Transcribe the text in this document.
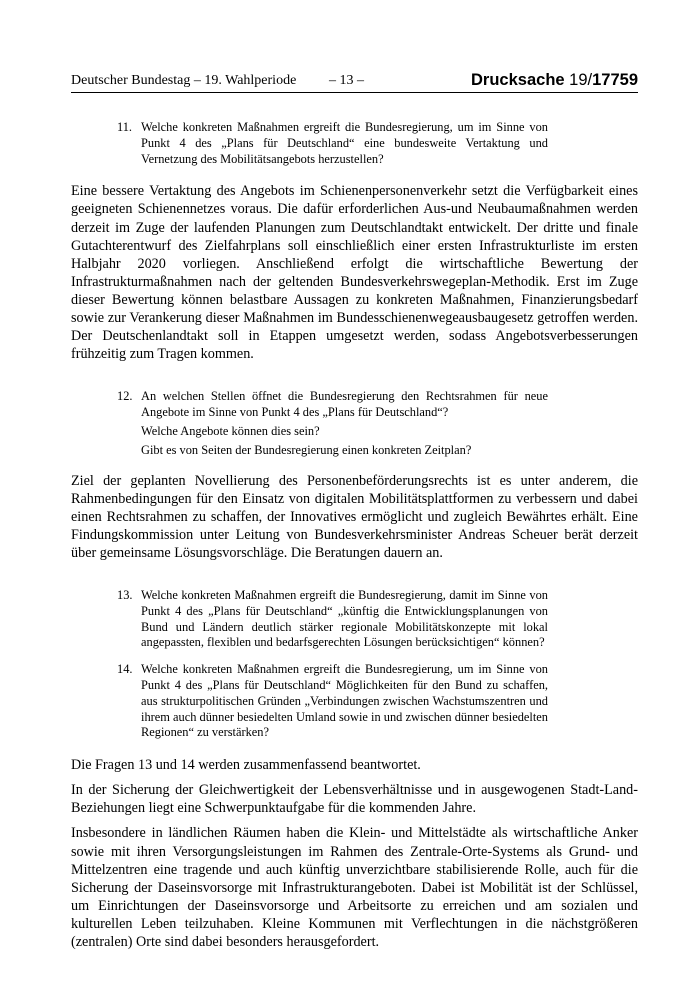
Deutscher Bundestag – 19. Wahlperiode – 13 –	Drucksache 19/17759
11. Welche konkreten Maßnahmen ergreift die Bundesregierung, um im Sinne von Punkt 4 des „Plans für Deutschland“ eine bundesweite Vertaktung und Vernetzung des Mobilitätsangebots herzustellen?

Eine bessere Vertaktung des Angebots im Schienenpersonenverkehr setzt die Verfügbarkeit eines geeigneten Schienennetzes voraus. Die dafür erforderlichen Aus-und Neubaumaßnahmen werden derzeit im Zuge der laufenden Planungen zum Deutschlandtakt entwickelt. Der dritte und finale Gutachterentwurf des Zielfahrplans soll einschließlich einer ersten Infrastrukturliste im ersten Halbjahr 2020 vorliegen. Anschließend erfolgt die wirtschaftliche Bewertung der Infrastrukturmaßnahmen nach der geltenden Bundesverkehrswegeplan-Methodik. Erst im Zuge dieser Bewertung können belastbare Aussagen zu konkreten Maßnahmen, Finanzierungsbedarf sowie zur Verankerung dieser Maßnahmen im Bundesschienenwegeausbaugesetz getroffen werden. Der Deutschenlandtakt soll in Etappen umgesetzt werden, sodass Angebotsverbesserungen frühzeitig zum Tragen kommen.

12. An welchen Stellen öffnet die Bundesregierung den Rechtsrahmen für neue Angebote im Sinne von Punkt 4 des „Plans für Deutschland“?

Welche Angebote können dies sein?

Gibt es von Seiten der Bundesregierung einen konkreten Zeitplan?

Ziel der geplanten Novellierung des Personenbeförderungsrechts ist es unter anderem, die Rahmenbedingungen für den Einsatz von digitalen Mobilitätsplattformen zu verbessern und dabei einen Rechtsrahmen zu schaffen, der Innovatives ermöglicht und zugleich Bewährtes erhält. Eine Findungskommission unter Leitung von Bundesverkehrsminister Andreas Scheuer berät derzeit über gemeinsame Lösungsvorschläge. Die Beratungen dauern an.

13. Welche konkreten Maßnahmen ergreift die Bundesregierung, damit im Sinne von Punkt 4 des „Plans für Deutschland“ „künftig die Entwicklungsplanungen von Bund und Ländern deutlich stärker regionale Mobilitätskonzepte mit lokal angepassten, flexiblen und bedarfsgerechten Lösungen berücksichtigen“ können?

14. Welche konkreten Maßnahmen ergreift die Bundesregierung, um im Sinne von Punkt 4 des „Plans für Deutschland“ Möglichkeiten für den Bund zu schaffen, aus strukturpolitischen Gründen „Verbindungen zwischen Wachstumszentren und ihrem auch dünner besiedelten Umland sowie in und zwischen dünner besiedelten Regionen“ zu verstärken?

Die Fragen 13 und 14 werden zusammenfassend beantwortet.

In der Sicherung der Gleichwertigkeit der Lebensverhältnisse und in ausgewogenen Stadt-Land-Beziehungen liegt eine Schwerpunktaufgabe für die kommenden Jahre.

Insbesondere in ländlichen Räumen haben die Klein- und Mittelstädte als wirtschaftliche Anker sowie mit ihren Versorgungsleistungen im Rahmen des Zentrale-Orte-Systems als Grund- und Mittelzentren eine tragende und auch künftig unverzichtbare stabilisierende Rolle, auch für die Sicherung der Daseinsvorsorge mit Infrastrukturangeboten. Dabei ist Mobilität ist der Schlüssel, um Einrichtungen der Daseinsvorsorge und Arbeitsorte zu erreichen und am sozialen und kulturellen Leben teilzuhaben. Kleine Kommunen mit Verflechtungen in die nächstgrößeren (zentralen) Orte sind dabei besonders herausgefordert.
